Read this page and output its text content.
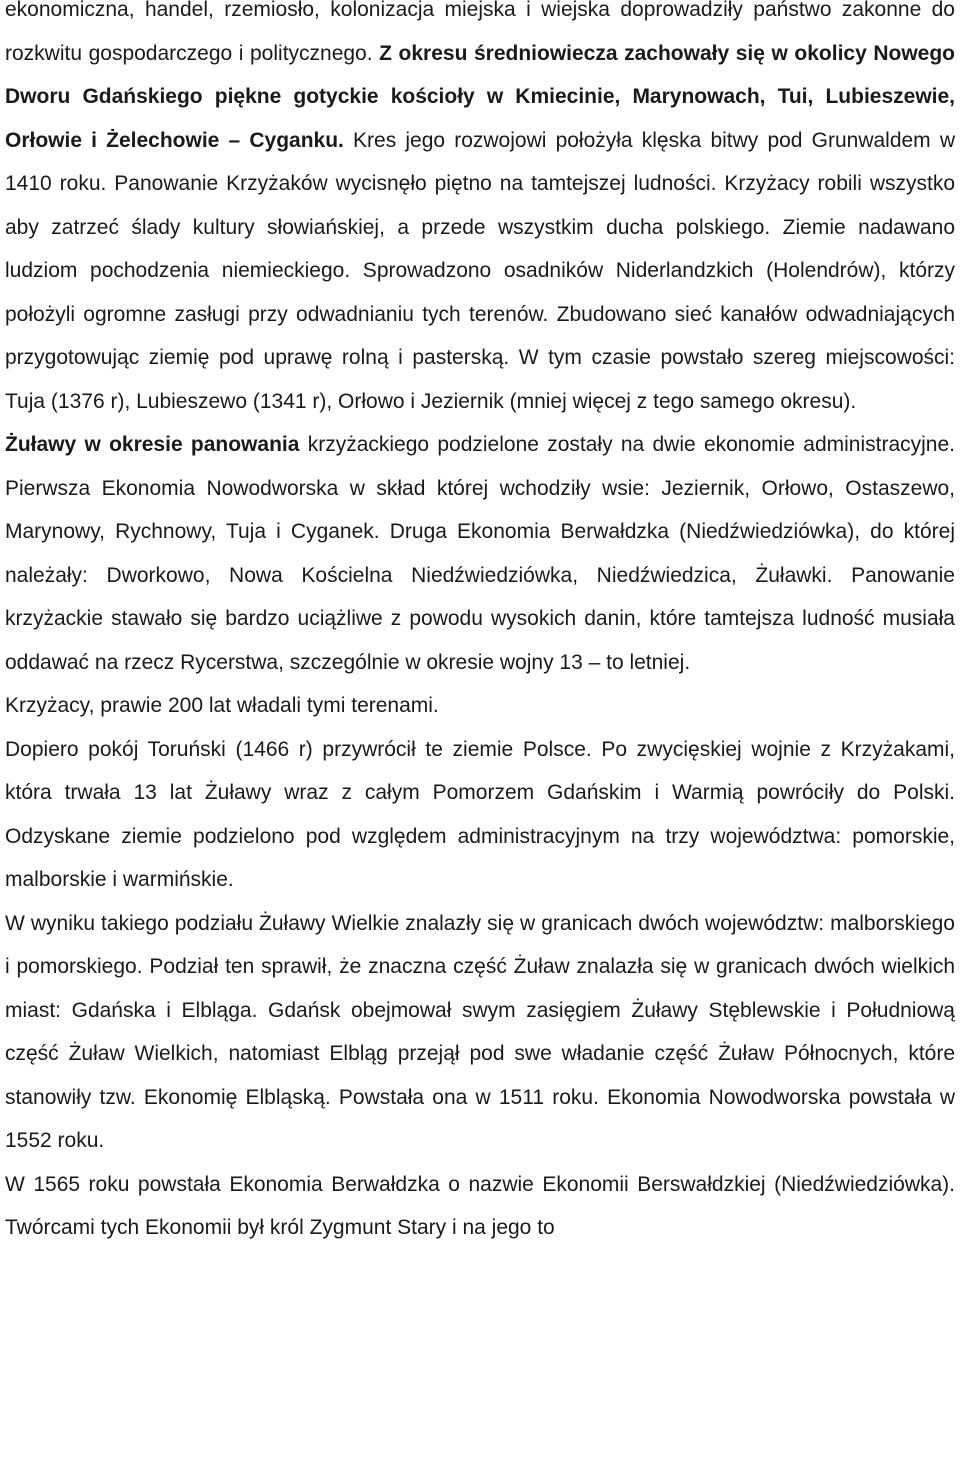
ekonomiczna, handel, rzemiosło, kolonizacja miejska i wiejska doprowadziły państwo zakonne do rozkwitu gospodarczego i politycznego. Z okresu średniowiecza zachowały się w okolicy Nowego Dworu Gdańskiego piękne gotyckie kościoły w Kmiecinie, Marynowach, Tui, Lubieszewie, Orłowie i Żelechowie – Cyganku. Kres jego rozwojowi położyła klęska bitwy pod Grunwaldem w 1410 roku. Panowanie Krzyżaków wycisnęło piętno na tamtejszej ludności. Krzyżacy robili wszystko aby zatrzeć ślady kultury słowiańskiej, a przede wszystkim ducha polskiego. Ziemie nadawano ludziom pochodzenia niemieckiego. Sprowadzono osadników Niderlandzkich (Holendrów), którzy położyli ogromne zasługi przy odwadnianiu tych terenów. Zbudowano sieć kanałów odwadniających przygotowując ziemię pod uprawę rolną i pasterską. W tym czasie powstało szereg miejscowości: Tuja (1376 r), Lubieszewo (1341 r), Orłowo i Jeziernik (mniej więcej z tego samego okresu).

Żuławy w okresie panowania krzyżackiego podzielone zostały na dwie ekonomie administracyjne. Pierwsza Ekonomia Nowodworska w skład której wchodziły wsie: Jeziernik, Orłowo, Ostaszewo, Marynowy, Rychnowy, Tuja i Cyganek. Druga Ekonomia Berwałdzka (Niedźwiedziówka), do której należały: Dworkowo, Nowa Kościelna Niedźwiedziówka, Niedźwiedzica, Żuławki. Panowanie krzyżackie stawało się bardzo uciążliwe z powodu wysokich danin, które tamtejsza ludność musiała oddawać na rzecz Rycerstwa, szczególnie w okresie wojny 13 – to letniej.

Krzyżacy, prawie 200 lat władali tymi terenami.

Dopiero pokój Toruński (1466 r) przywrócił te ziemie Polsce. Po zwycięskiej wojnie z Krzyżakami, która trwała 13 lat Żuławy wraz z całym Pomorzem Gdańskim i Warmią powróciły do Polski. Odzyskane ziemie podzielono pod względem administracyjnym na trzy województwa: pomorskie, malborskie i warmińskie.

W wyniku takiego podziału Żuławy Wielkie znalazły się w granicach dwóch województw: malborskiego i pomorskiego. Podział ten sprawił, że znaczna część Żuław znalazła się w granicach dwóch wielkich miast: Gdańska i Elbląga. Gdańsk obejmował swym zasięgiem Żuławy Stęblewskie i Południową część Żuław Wielkich, natomiast Elbląg przejął pod swe władanie część Żuław Północnych, które stanowiły tzw. Ekonomię Elbląską. Powstała ona w 1511 roku. Ekonomia Nowodworska powstała w 1552 roku.

W 1565 roku powstała Ekonomia Berwałdzka o nazwie Ekonomii Berswałdzkiej (Niedźwiedziówka). Twórcami tych Ekonomii był król Zygmunt Stary i na jego to
